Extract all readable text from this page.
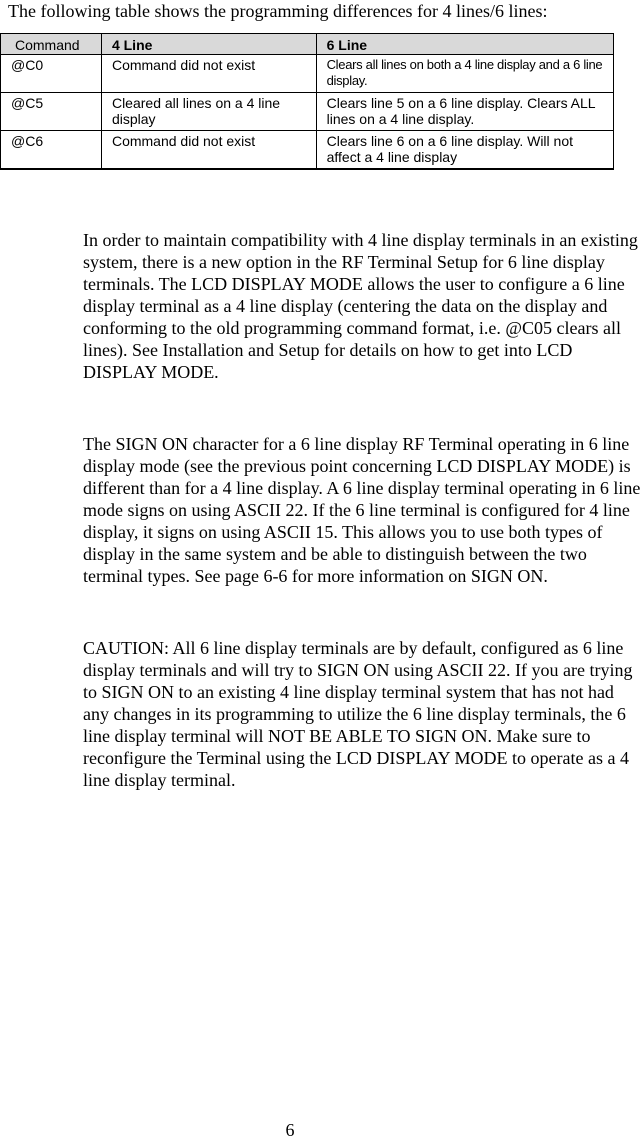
The following table shows the programming differences for 4 lines/6 lines:
Command	4 Line	6 Line
@C0	Command did not exist	Clears all lines on both a 4 line display and a 6 line display.
@C5	Cleared all lines on a 4 line display	Clears line 5 on a 6 line display. Clears ALL lines on a 4 line display.
@C6	Command did not exist	Clears line 6 on a 6 line display. Will not affect a 4 line display

In order to maintain compatibility with 4 line display terminals in an existing system, there is a new option in the RF Terminal Setup for 6 line display terminals. The LCD DISPLAY MODE allows the user to configure a 6 line display terminal as a 4 line display (centering the data on the display and conforming to the old programming command format, i.e. @C05 clears all lines). See Installation and Setup for details on how to get into LCD DISPLAY MODE.

The SIGN ON character for a 6 line display RF Terminal operating in 6 line display mode (see the previous point concerning LCD DISPLAY MODE) is different than for a 4 line display. A 6 line display terminal operating in 6 line mode signs on using ASCII 22. If the 6 line terminal is configured for 4 line display, it signs on using ASCII 15. This allows you to use both types of display in the same system and be able to distinguish between the two terminal types. See page 6-6 for more information on SIGN ON.

CAUTION: All 6 line display terminals are by default, configured as 6 line display terminals and will try to SIGN ON using ASCII 22. If you are trying to SIGN ON to an existing 4 line display terminal system that has not had any changes in its programming to utilize the 6 line display terminals, the 6 line display terminal will NOT BE ABLE TO SIGN ON. Make sure to reconfigure the Terminal using the LCD DISPLAY MODE to operate as a 4 line display terminal.

6
